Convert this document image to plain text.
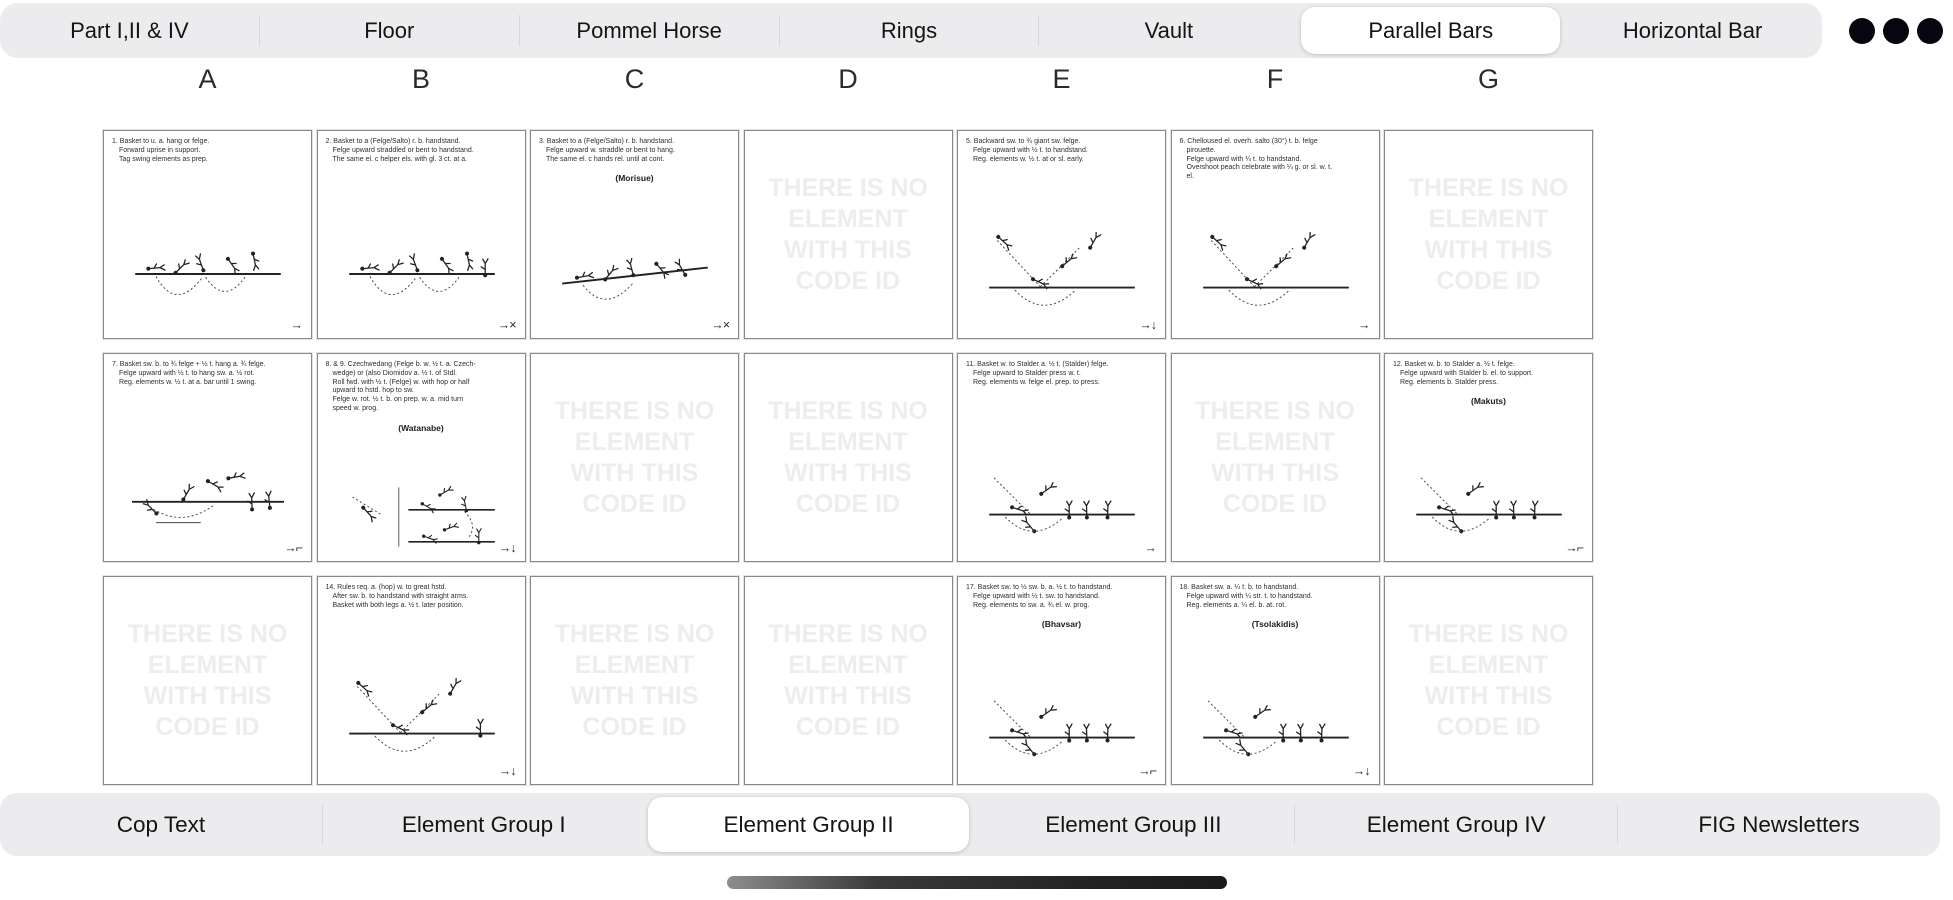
Part I,II & IV	Floor	Pommel Horse	Rings	Vault	Parallel Bars	Horizontal Bar
A	B	C	D	E	F	G
1. Basket to u. a. hang or felge.
Forward uprise in support.
Tag swing elements as prep.
→
2. Basket to a (Felge/Salto) r. b. handstand.
Felge upward straddled or bent to handstand.
The same el. c helper els. with gl. 3 ct. at a.
→×
3. Basket to a (Felge/Salto) r. b. handstand.
Felge upward w. straddle or bent to hang.
The same el. c hands rel. until at cont.
(Morisue)
→×
THERE IS NO
ELEMENT
WITH THIS
CODE ID
5. Backward sw. to ¾ giant sw. felge.
Felge upward with ½ t. to handstand.
Reg. elements w. ½ t. at or sl. early.
→↓
6. Chelloused el. overh. salto (30°) t. b. felge
pirouette.
Felge upward with ¼ t. to handstand.
Overshoot peach celebrate with ¼ g. or sl. w. t.
el.
→
THERE IS NO
ELEMENT
WITH THIS
CODE ID
7. Basket sw. b. to ¾ felge + ½ t. hang a. ¾ felge.
Felge upward with ½ t. to hang sw. a. ½ rot.
Reg. elements w. ½ t. at a. bar until 1 swing.
→⌐
8. & 9. Czechwedang (Felge b. w. ½ t. a. Czech-
wedge) or (also Diomidov a. ½ t. of Stdl.
Roll fwd. with ½ t. (Felge) w. with hop or half
upward to hstd. hop to sw.
Felge w. rot. ½ t. b. on prep. w. a. mid turn
speed w. prog.
(Watanabe)
→↓
THERE IS NO
ELEMENT
WITH THIS
CODE ID
THERE IS NO
ELEMENT
WITH THIS
CODE ID
11. Basket w. to Stalder a. ½ t. (Stalder) felge.
Felge upward to Stalder press w. t.
Reg. elements w. felge el. prep. to press.
→
THERE IS NO
ELEMENT
WITH THIS
CODE ID
12. Basket w. b. to Stalder a. ½ t. felge.
Felge upward with Stalder b. el. to support.
Reg. elements b. Stalder press.
(Makuts)
→⌐
THERE IS NO
ELEMENT
WITH THIS
CODE ID
14. Rules req. a. (hop) w. to great hstd.
After sw. b. to handstand with straight arms.
Basket with both legs a. ½ t. later position.
→↓
THERE IS NO
ELEMENT
WITH THIS
CODE ID
THERE IS NO
ELEMENT
WITH THIS
CODE ID
17. Basket sw. to ½ sw. b. a. ½ t. to handstand.
Felge upward with ½ t. sw. to handstand.
Reg. elements to sw. a. ¾ el. w. prog.
(Bhavsar)
→⌐
18. Basket sw. a. ¼ t. b. to handstand.
Felge upward with ¼ str. t. to handstand.
Reg. elements a. ¼ el. b. at. rot.
(Tsolakidis)
→↓
THERE IS NO
ELEMENT
WITH THIS
CODE ID
Cop Text	Element Group I	Element Group II	Element Group III	Element Group IV	FIG Newsletters
